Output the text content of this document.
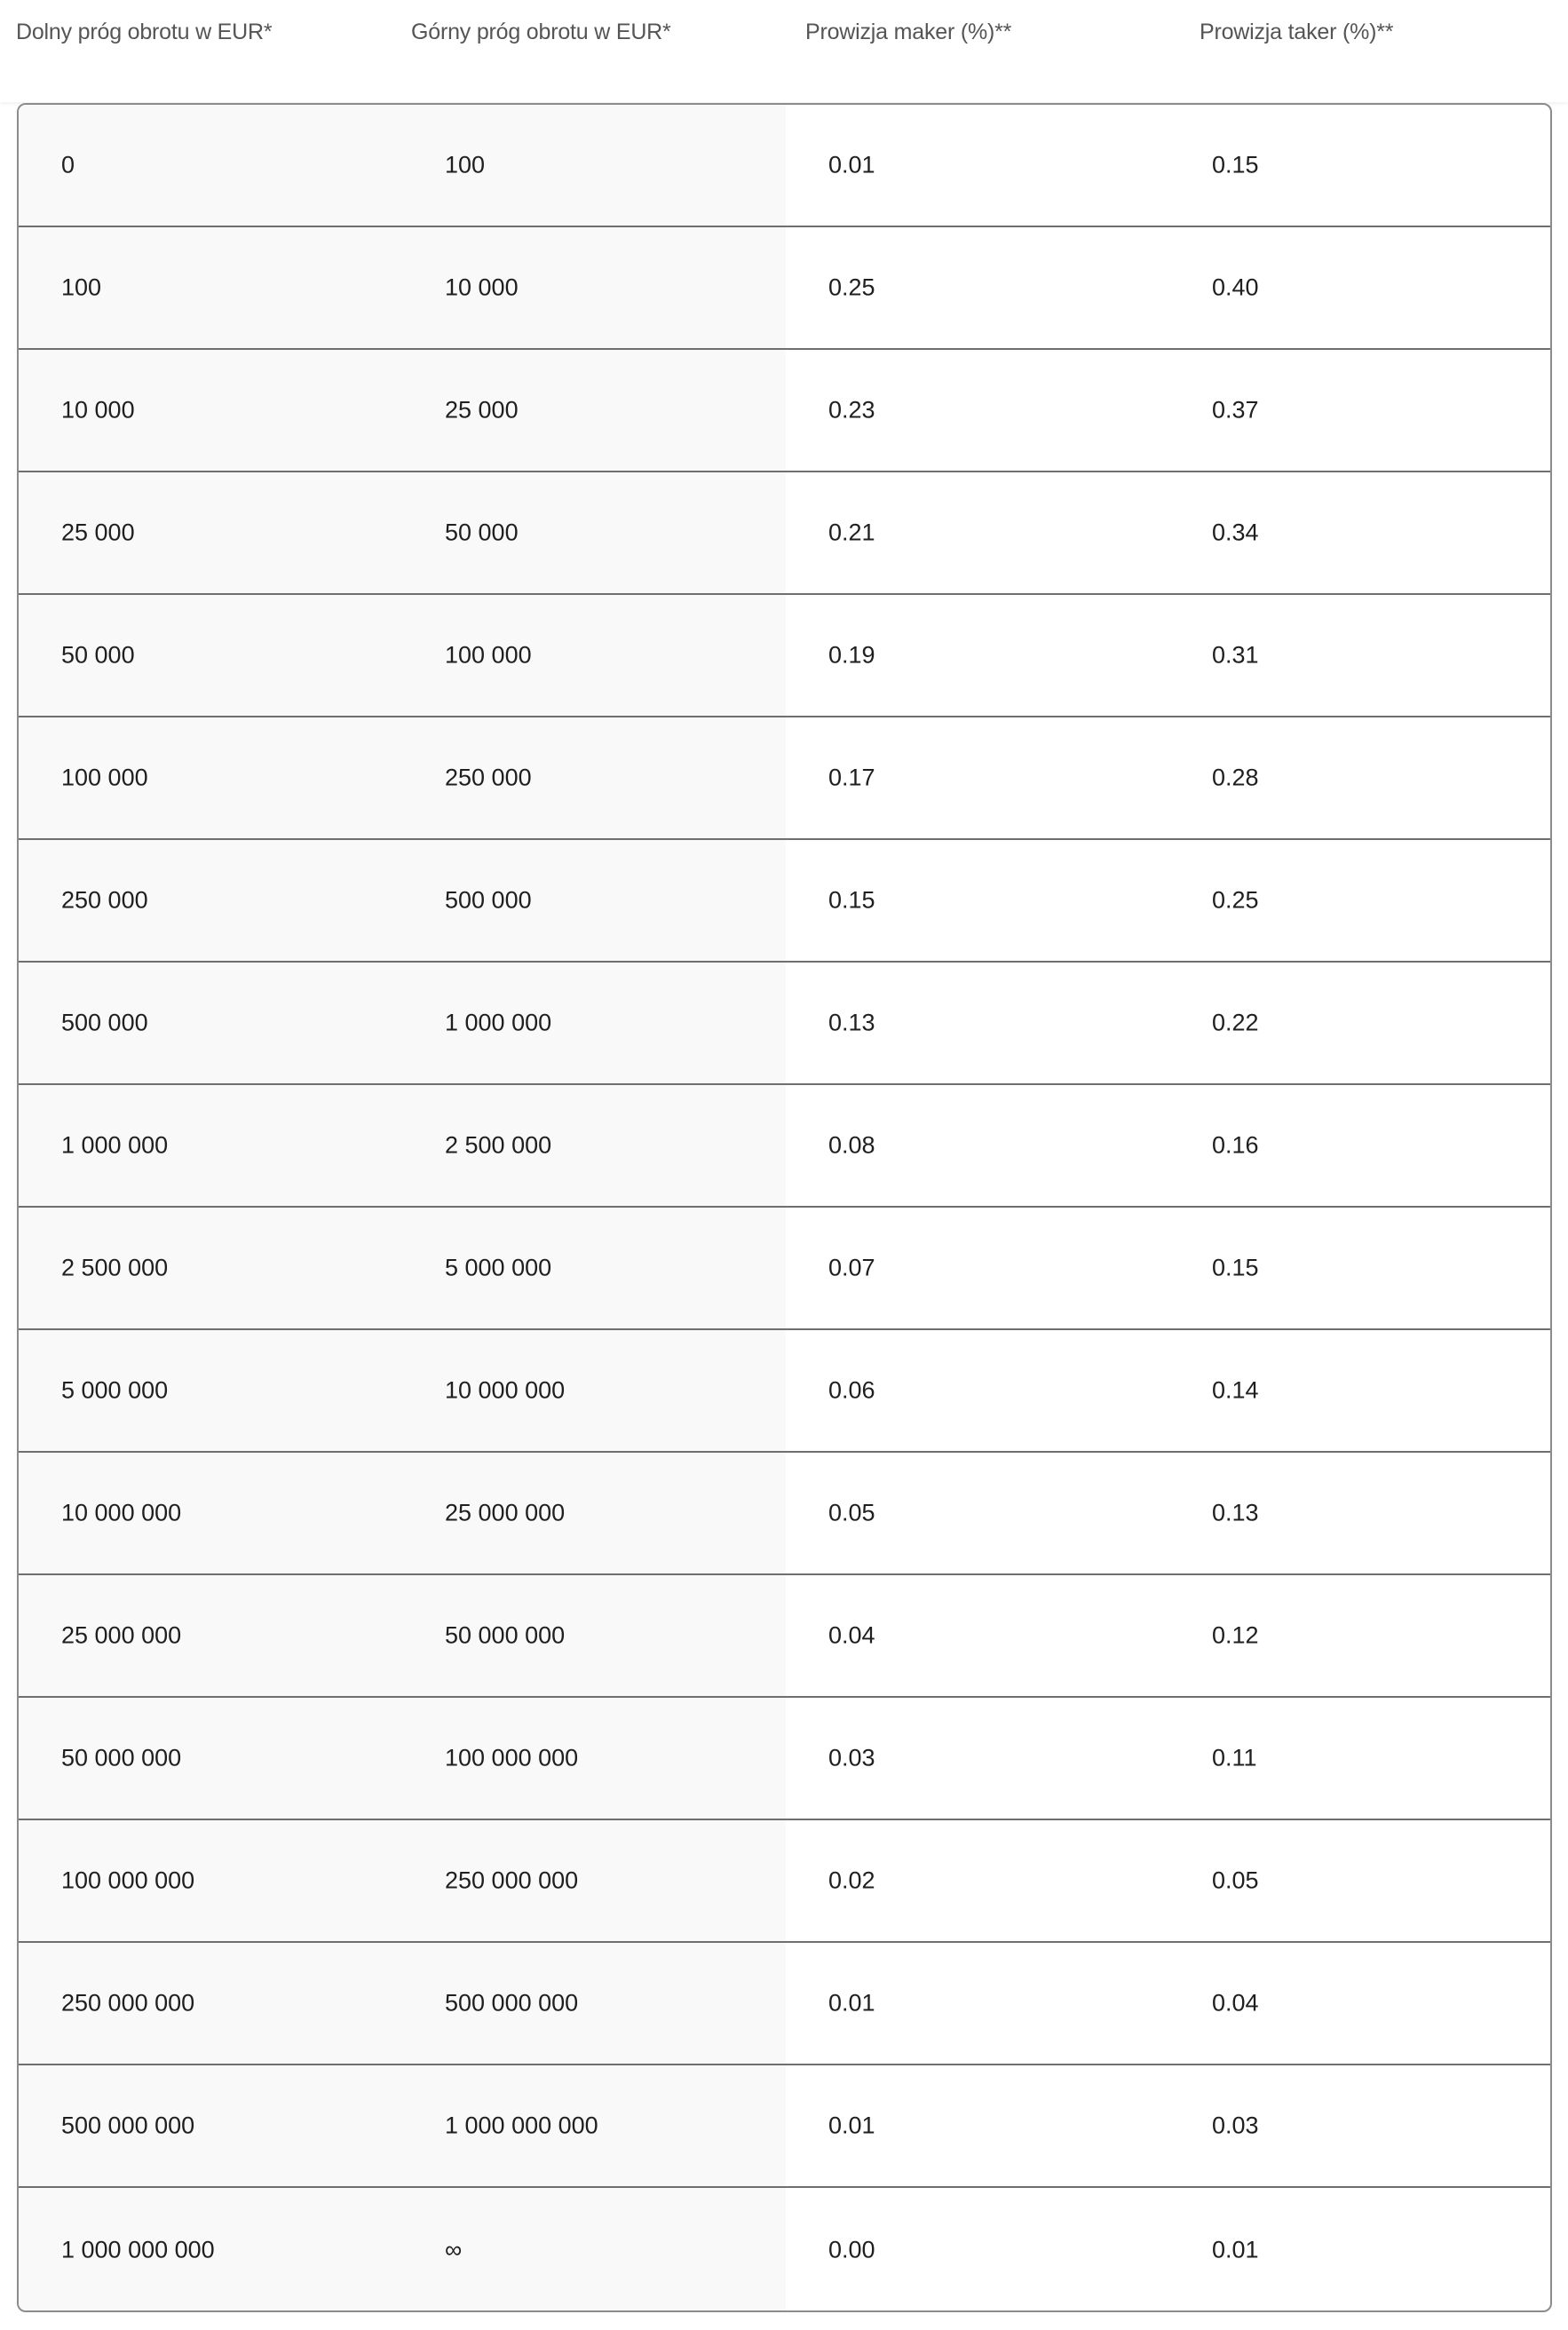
Dolny próg obrotu w EUR*	Górny próg obrotu w EUR*	Prowizja maker (%)**	Prowizja taker (%)**
0	100	0.01	0.15
100	10 000	0.25	0.40
10 000	25 000	0.23	0.37
25 000	50 000	0.21	0.34
50 000	100 000	0.19	0.31
100 000	250 000	0.17	0.28
250 000	500 000	0.15	0.25
500 000	1 000 000	0.13	0.22
1 000 000	2 500 000	0.08	0.16
2 500 000	5 000 000	0.07	0.15
5 000 000	10 000 000	0.06	0.14
10 000 000	25 000 000	0.05	0.13
25 000 000	50 000 000	0.04	0.12
50 000 000	100 000 000	0.03	0.11
100 000 000	250 000 000	0.02	0.05
250 000 000	500 000 000	0.01	0.04
500 000 000	1 000 000 000	0.01	0.03
1 000 000 000	∞	0.00	0.01
